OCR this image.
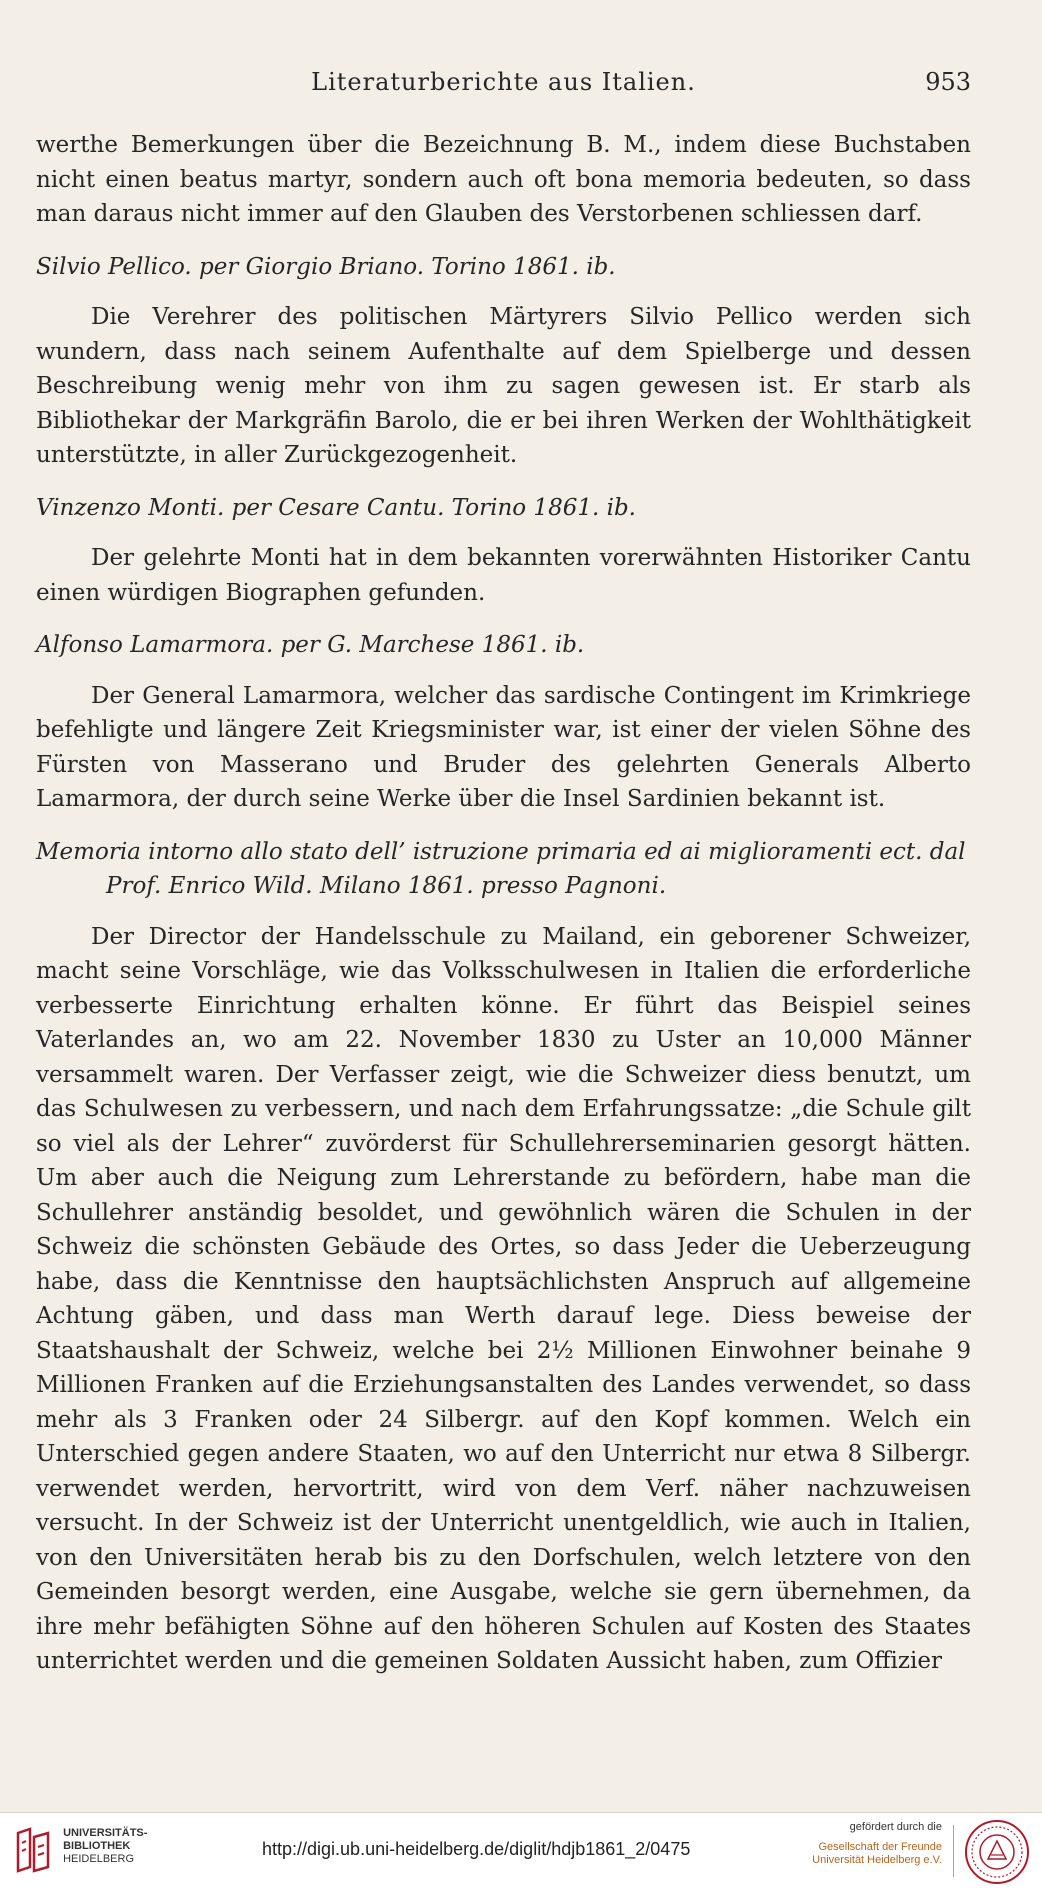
Literaturberichte aus Italien.	953

werthe Bemerkungen über die Bezeichnung B. M., indem diese Buchstaben nicht einen beatus martyr, sondern auch oft bona memoria bedeuten, so dass man daraus nicht immer auf den Glauben des Verstorbenen schliessen darf.

Silvio Pellico. per Giorgio Briano. Torino 1861. ib.

Die Verehrer des politischen Märtyrers Silvio Pellico werden sich wundern, dass nach seinem Aufenthalte auf dem Spielberge und dessen Beschreibung wenig mehr von ihm zu sagen gewesen ist. Er starb als Bibliothekar der Markgräfin Barolo, die er bei ihren Werken der Wohlthätigkeit unterstützte, in aller Zurückgezogenheit.

Vinzenzo Monti. per Cesare Cantu. Torino 1861. ib.

Der gelehrte Monti hat in dem bekannten vorerwähnten Historiker Cantu einen würdigen Biographen gefunden.

Alfonso Lamarmora. per G. Marchese 1861. ib.

Der General Lamarmora, welcher das sardische Contingent im Krimkriege befehligte und längere Zeit Kriegsminister war, ist einer der vielen Söhne des Fürsten von Masserano und Bruder des gelehrten Generals Alberto Lamarmora, der durch seine Werke über die Insel Sardinien bekannt ist.

Memoria intorno allo stato dell’ istruzione primaria ed ai miglioramenti ect. dal Prof. Enrico Wild. Milano 1861. presso Pagnoni.

Der Director der Handelsschule zu Mailand, ein geborener Schweizer, macht seine Vorschläge, wie das Volksschulwesen in Italien die erforderliche verbesserte Einrichtung erhalten könne. Er führt das Beispiel seines Vaterlandes an, wo am 22. November 1830 zu Uster an 10,000 Männer versammelt waren. Der Verfasser zeigt, wie die Schweizer diess benutzt, um das Schulwesen zu verbessern, und nach dem Erfahrungssatze: „die Schule gilt so viel als der Lehrer“ zuvörderst für Schullehrerseminarien gesorgt hätten. Um aber auch die Neigung zum Lehrerstande zu befördern, habe man die Schullehrer anständig besoldet, und gewöhnlich wären die Schulen in der Schweiz die schönsten Gebäude des Ortes, so dass Jeder die Ueberzeugung habe, dass die Kenntnisse den hauptsächlichsten Anspruch auf allgemeine Achtung gäben, und dass man Werth darauf lege. Diess beweise der Staatshaushalt der Schweiz, welche bei 2½ Millionen Einwohner beinahe 9 Millionen Franken auf die Erziehungsanstalten des Landes verwendet, so dass mehr als 3 Franken oder 24 Silbergr. auf den Kopf kommen. Welch ein Unterschied gegen andere Staaten, wo auf den Unterricht nur etwa 8 Silbergr. verwendet werden, hervortritt, wird von dem Verf. näher nachzuweisen versucht. In der Schweiz ist der Unterricht unentgeldlich, wie auch in Italien, von den Universitäten herab bis zu den Dorfschulen, welch letztere von den Gemeinden besorgt werden, eine Ausgabe, welche sie gern übernehmen, da ihre mehr befähigten Söhne auf den höheren Schulen auf Kosten des Staates unterrichtet werden und die gemeinen Soldaten Aussicht haben, zum Offizier

UNIVERSITÄTS-
BIBLIOTHEK
HEIDELBERG	http://digi.ub.uni-heidelberg.de/diglit/hdjb1861_2/0475
gefördert durch die
Gesellschaft der Freunde
Universität Heidelberg e.V.
